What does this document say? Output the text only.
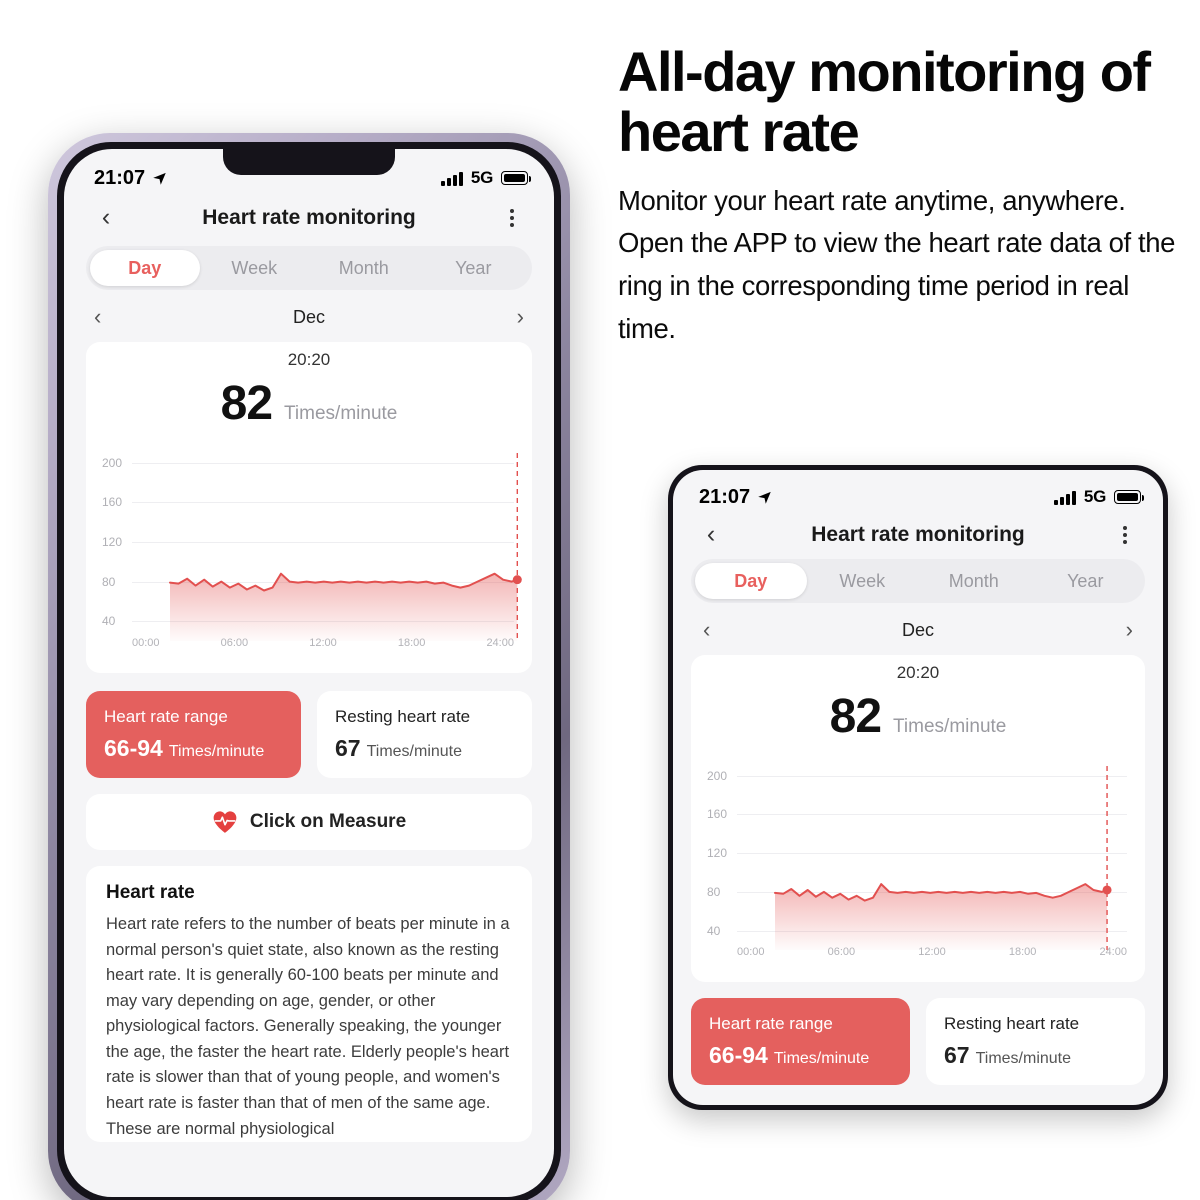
All-day monitoring of heart rate
Monitor your heart rate anytime, anywhere. Open the APP to view the heart rate data of the ring in the corresponding time period in real time.
21:07	5G
‹	Heart rate monitoring
Day	Week	Month	Year
‹	Dec	›
20:20
82 Times/minute
200
160
120
80
40
00:00	06:00	12:00	18:00	24:00
Heart rate range
66-94 Times/minute
Resting heart rate
67 Times/minute
Click on Measure
Heart rate

Heart rate refers to the number of beats per minute in a normal person's quiet state, also known as the resting heart rate. It is generally 60-100 beats per minute and may vary depending on age, gender, or other physiological factors. Generally speaking, the younger the age, the faster the heart rate. Elderly people's heart rate is slower than that of young people, and women's heart rate is faster than that of men of the same age. These are normal physiological

21:07	5G
‹	Heart rate monitoring
Day	Week	Month	Year
‹	Dec	›
20:20
82 Times/minute
200
160
120
80
40
00:00	06:00	12:00	18:00	24:00
Heart rate range
66-94 Times/minute
Resting heart rate
67 Times/minute
